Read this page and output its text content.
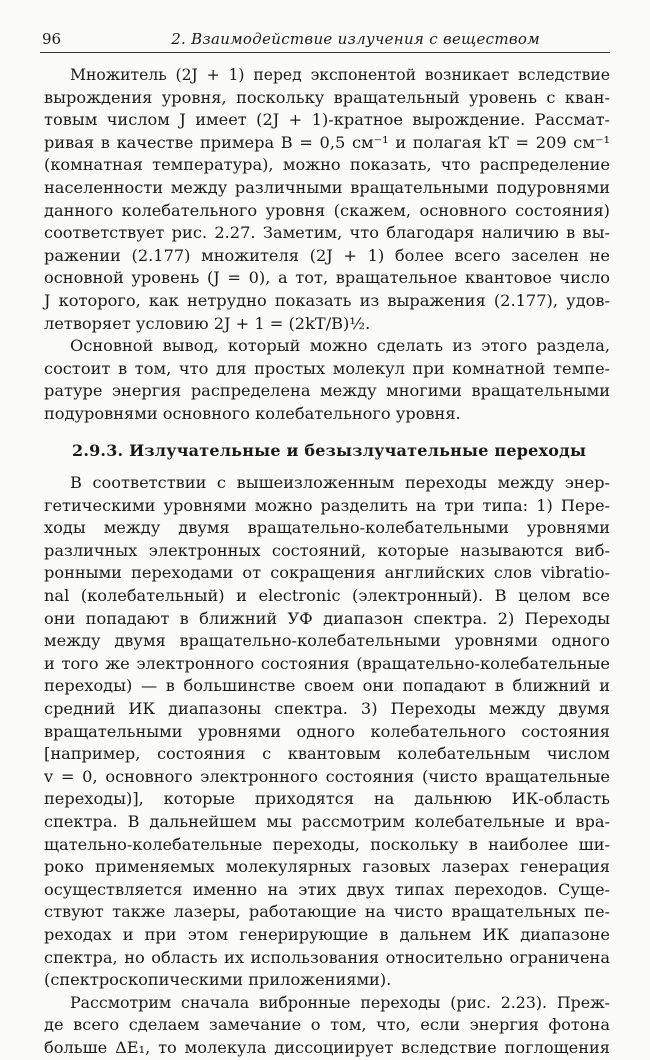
96	2. Взаимодействие излучения с веществом

Множитель (2J + 1) перед экспонентой возникает вследствие
вырождения уровня, поскольку вращательный уровень с кван-
товым числом J имеет (2J + 1)-кратное вырождение. Рассмат-
ривая в качестве примера B = 0,5 см⁻¹ и полагая kT = 209 см⁻¹
(комнатная температура), можно показать, что распределение
населенности между различными вращательными подуровнями
данного колебательного уровня (скажем, основного состояния)
соответствует рис. 2.27. Заметим, что благодаря наличию в вы-
ражении (2.177) множителя (2J + 1) более всего заселен не
основной уровень (J = 0), а тот, вращательное квантовое число
J которого, как нетрудно показать из выражения (2.177), удов-
летворяет условию 2J + 1 = (2kT/B)½.

Основной вывод, который можно сделать из этого раздела,
состоит в том, что для простых молекул при комнатной темпе-
ратуре энергия распределена между многими вращательными
подуровнями основного колебательного уровня.

2.9.3. Излучательные и безызлучательные переходы

В соответствии с вышеизложенным переходы между энер-
гетическими уровнями можно разделить на три типа: 1) Пере-
ходы между двумя вращательно-колебательными уровнями
различных электронных состояний, которые называются виб-
ронными переходами от сокращения английских слов vibratio-
nal (колебательный) и electronic (электронный). В целом все
они попадают в ближний УФ диапазон спектра. 2) Переходы
между двумя вращательно-колебательными уровнями одного
и того же электронного состояния (вращательно-колебательные
переходы) — в большинстве своем они попадают в ближний и
средний ИК диапазоны спектра. 3) Переходы между двумя
вращательными уровнями одного колебательного состояния
[например, состояния с квантовым колебательным числом
v = 0, основного электронного состояния (чисто вращательные
переходы)], которые приходятся на дальнюю ИК-область
спектра. В дальнейшем мы рассмотрим колебательные и вра-
щательно-колебательные переходы, поскольку в наиболее ши-
роко применяемых молекулярных газовых лазерах генерация
осуществляется именно на этих двух типах переходов. Суще-
ствуют также лазеры, работающие на чисто вращательных пе-
реходах и при этом генерирующие в дальнем ИК диапазоне
спектра, но область их использования относительно ограничена
(спектроскопическими приложениями).

Рассмотрим сначала вибронные переходы (рис. 2.23). Преж-
де всего сделаем замечание о том, что, если энергия фотона
больше ΔE₁, то молекула диссоциирует вследствие поглощения
